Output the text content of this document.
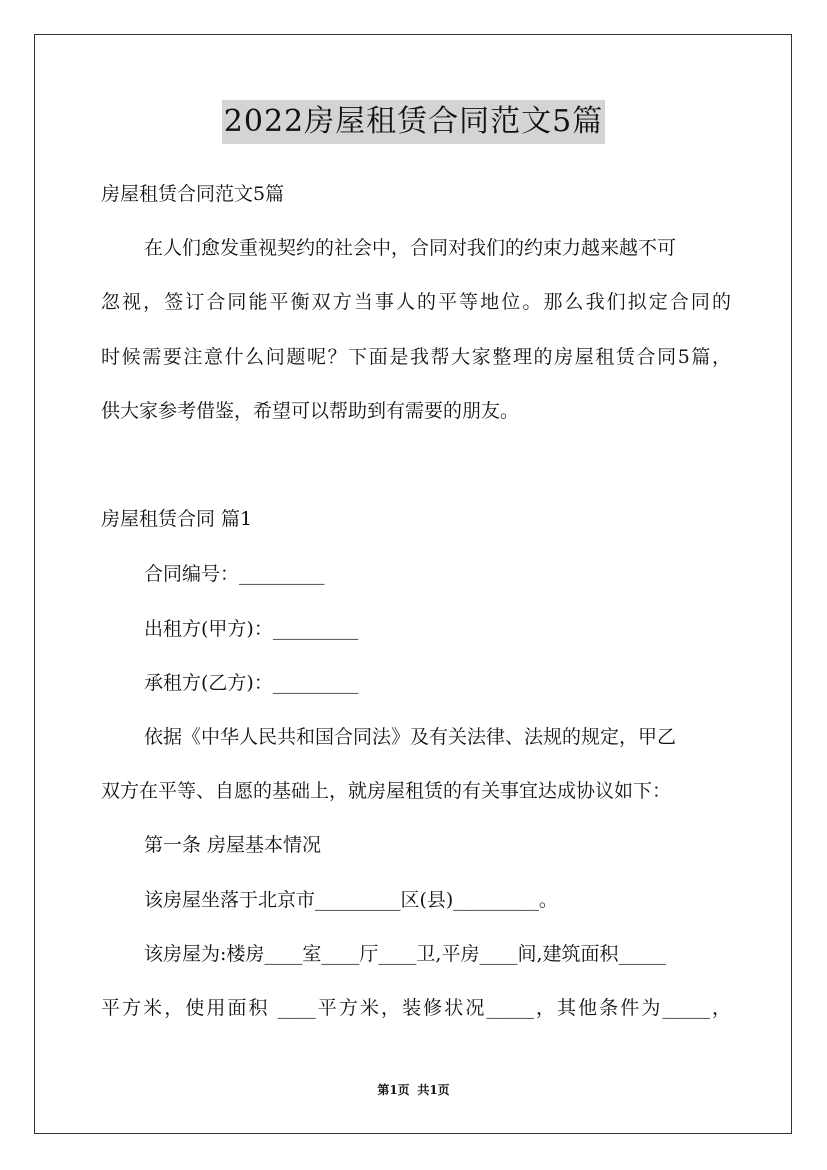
2022房屋租赁合同范文5篇
房屋租赁合同范文5篇
在人们愈发重视契约的社会中，合同对我们的约束力越来越不可
忽视，签订合同能平衡双方当事人的平等地位。那么我们拟定合同的
时候需要注意什么问题呢？下面是我帮大家整理的房屋租赁合同5篇，
供大家参考借鉴，希望可以帮助到有需要的朋友。
房屋租赁合同 篇1
合同编号：_________
出租方(甲方)：_________
承租方(乙方)：_________
依据《中华人民共和国合同法》及有关法律、法规的规定，甲乙
双方在平等、自愿的基础上，就房屋租赁的有关事宜达成协议如下：
第一条 房屋基本情况
该房屋坐落于北京市_________区(县)_________。
该房屋为:楼房____室____厅____卫,平房____间,建筑面积_____
平方米，使用面积 ____平方米，装修状况_____，其他条件为_____，
第1页 共1页
